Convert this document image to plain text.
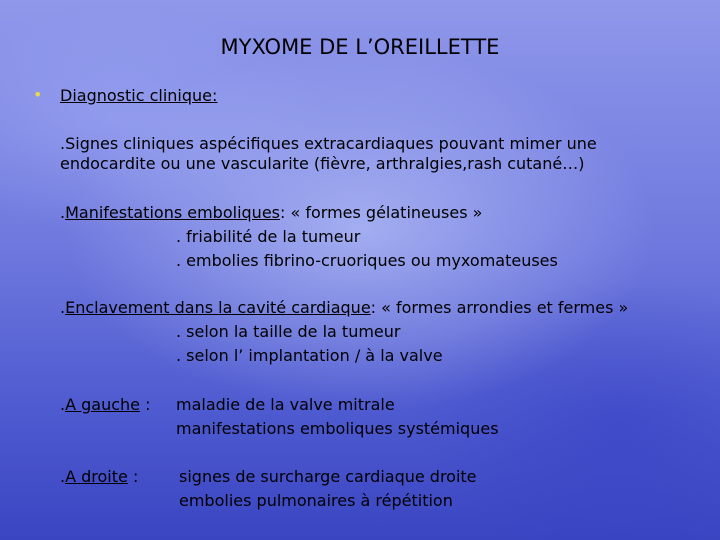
MYXOME DE L’OREILLETTE
• Diagnostic clinique:
.Signes cliniques aspécifiques extracardiaques pouvant mimer une
endocardite ou une vascularite (fièvre, arthralgies,rash cutané…)
.Manifestations emboliques: « formes gélatineuses »
. friabilité de la tumeur
. embolies fibrino-cruoriques ou myxomateuses
.Enclavement dans la cavité cardiaque: « formes arrondies et fermes »
. selon la taille de la tumeur
. selon l’ implantation / à la valve
.A gauche : maladie de la valve mitrale
manifestations emboliques systémiques
.A droite :	signes de surcharge cardiaque droite
embolies pulmonaires à répétition
